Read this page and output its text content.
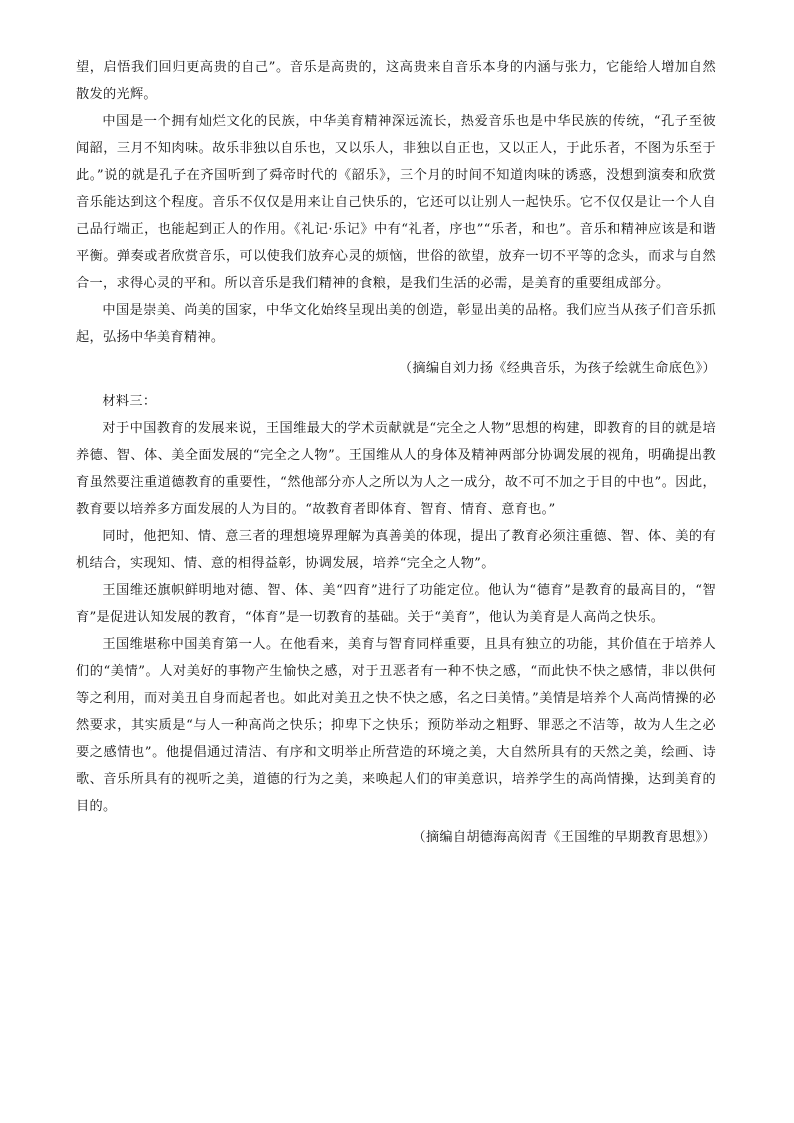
望，启悟我们回归更高贵的自己”。音乐是高贵的，这高贵来自音乐本身的内涵与张力，它能给人增加自然散发的光辉。

中国是一个拥有灿烂文化的民族，中华美育精神深远流长，热爱音乐也是中华民族的传统，“孔子至彼闻韶，三月不知肉味。故乐非独以自乐也，又以乐人，非独以自正也，又以正人，于此乐者，不图为乐至于此。”说的就是孔子在齐国听到了舜帝时代的《韶乐》，三个月的时间不知道肉味的诱惑，没想到演奏和欣赏音乐能达到这个程度。音乐不仅仅是用来让自己快乐的，它还可以让别人一起快乐。它不仅仅是让一个人自己品行端正，也能起到正人的作用。《礼记·乐记》中有“礼者，序也”“乐者，和也”。音乐和精神应该是和谐平衡。弹奏或者欣赏音乐，可以使我们放弃心灵的烦恼，世俗的欲望，放弃一切不平等的念头，而求与自然合一，求得心灵的平和。所以音乐是我们精神的食粮，是我们生活的必需，是美育的重要组成部分。

中国是崇美、尚美的国家，中华文化始终呈现出美的创造，彰显出美的品格。我们应当从孩子们音乐抓起，弘扬中华美育精神。

（摘编自刘力扬《经典音乐，为孩子绘就生命底色》）

材料三：

对于中国教育的发展来说，王国维最大的学术贡献就是“完全之人物”思想的构建，即教育的目的就是培养德、智、体、美全面发展的“完全之人物”。王国维从人的身体及精神两部分协调发展的视角，明确提出教育虽然要注重道德教育的重要性，“然他部分亦人之所以为人之一成分，故不可不加之于目的中也”。因此，教育要以培养多方面发展的人为目的。“故教育者即体育、智育、情育、意育也。”

同时，他把知、情、意三者的理想境界理解为真善美的体现，提出了教育必须注重德、智、体、美的有机结合，实现知、情、意的相得益彰，协调发展，培养“完全之人物”。

王国维还旗帜鲜明地对德、智、体、美“四育”进行了功能定位。他认为“德育”是教育的最高目的，“智育”是促进认知发展的教育，“体育”是一切教育的基础。关于“美育”，他认为美育是人高尚之快乐。

王国维堪称中国美育第一人。在他看来，美育与智育同样重要，且具有独立的功能，其价值在于培养人们的“美情”。人对美好的事物产生愉快之感，对于丑恶者有一种不快之感，“而此快不快之感情，非以供何等之利用，而对美丑自身而起者也。如此对美丑之快不快之感，名之曰美情。”美情是培养个人高尚情操的必然要求，其实质是“与人一种高尚之快乐；抑卑下之快乐；预防举动之粗野、罪恶之不洁等，故为人生之必要之感情也”。他提倡通过清洁、有序和文明举止所营造的环境之美，大自然所具有的天然之美，绘画、诗歌、音乐所具有的视听之美，道德的行为之美，来唤起人们的审美意识，培养学生的高尚情操，达到美育的目的。

（摘编自胡德海高闳青《王国维的早期教育思想》）
